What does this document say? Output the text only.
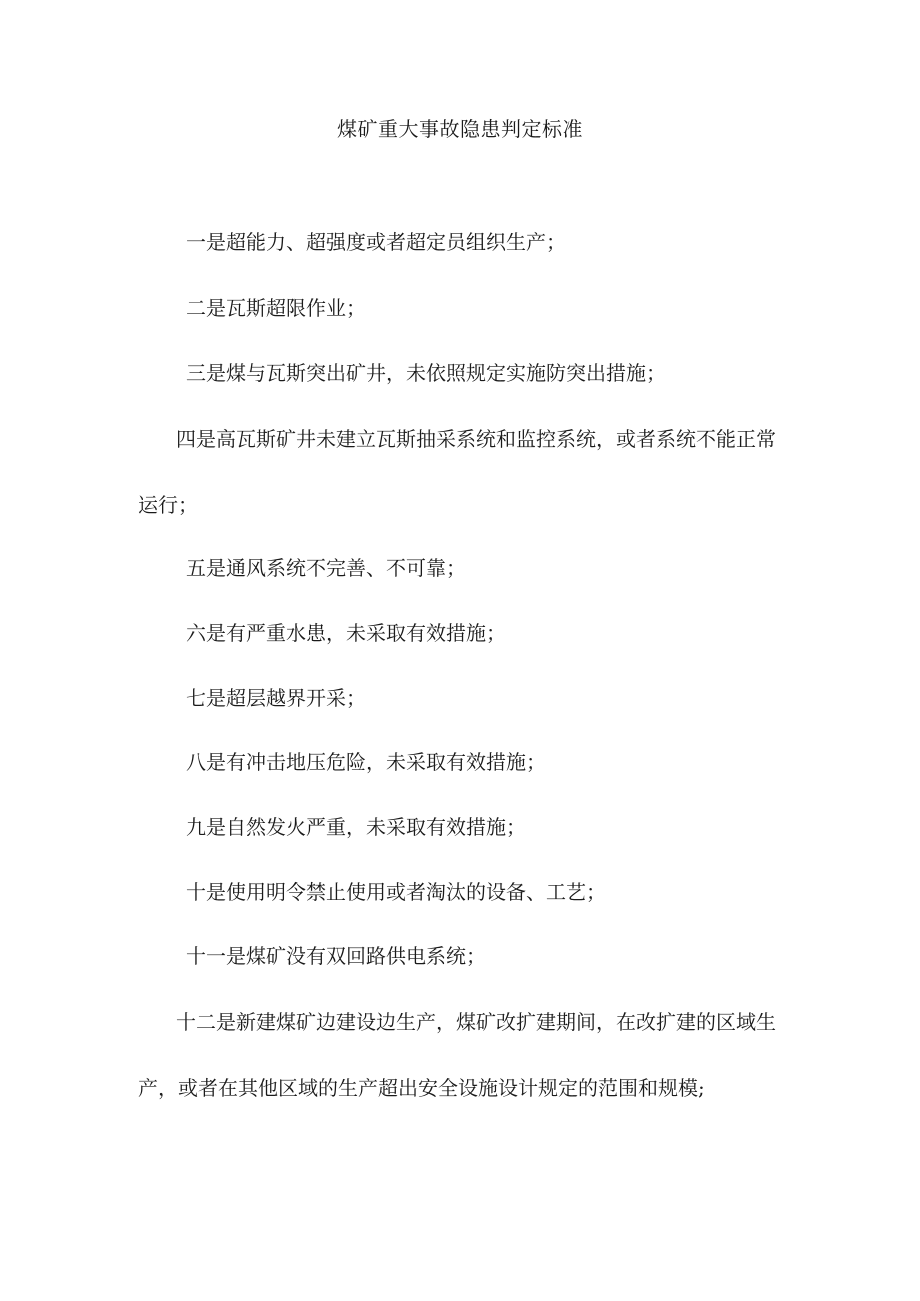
煤矿重大事故隐患判定标准

一是超能力、超强度或者超定员组织生产；

二是瓦斯超限作业；

三是煤与瓦斯突出矿井，未依照规定实施防突出措施；

四是高瓦斯矿井未建立瓦斯抽采系统和监控系统，或者系统不能正常运行；

五是通风系统不完善、不可靠；

六是有严重水患，未采取有效措施；

七是超层越界开采；

八是有冲击地压危险，未采取有效措施；

九是自然发火严重，未采取有效措施；

十是使用明令禁止使用或者淘汰的设备、工艺；

十一是煤矿没有双回路供电系统；

十二是新建煤矿边建设边生产，煤矿改扩建期间，在改扩建的区域生产，或者在其他区域的生产超出安全设施设计规定的范围和规模;
